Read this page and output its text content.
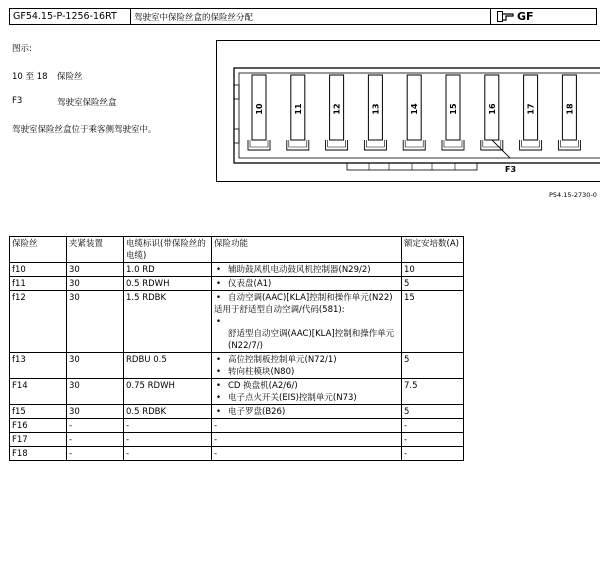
GF54.15-P-1256-16RT	驾驶室中保险丝盒的保险丝分配	GF
图示:
10 至 18 保险丝
F3	驾驶室保险丝盒
驾驶室保险丝盒位于乘客侧驾驶室中。
10	11	12	13	14	15	16	17	18
F3
P54.15-2730-0
保险丝	夹紧装置	电缆标识(带保险丝的电缆)	保险功能	额定安培数(A)
f10	30	1.0 RD	• 辅助鼓风机电动鼓风机控制器(N29/2)	10
f11	30	0.5 RDWH	• 仪表盘(A1)	5
f12	30	1.5 RDBK	• 自动空调(AAC)[KLA]控制和操作单元(N22)
适用于舒适型自动空调/代码(581):
•
舒适型自动空调(AAC)[KLA]控制和操作单元(N22/7/)	15
f13	30	RDBU 0.5	• 高位控制板控制单元(N72/1)
• 转向柱模块(N80)	5
F14	30	0.75 RDWH	• CD 换盘机(A2/6/)
• 电子点火开关(EIS)控制单元(N73)	7.5
f15	30	0.5 RDBK	• 电子罗盘(B26)	5
F16	-	-	-	-
F17	-	-	-	-
F18	-	-	-	-
